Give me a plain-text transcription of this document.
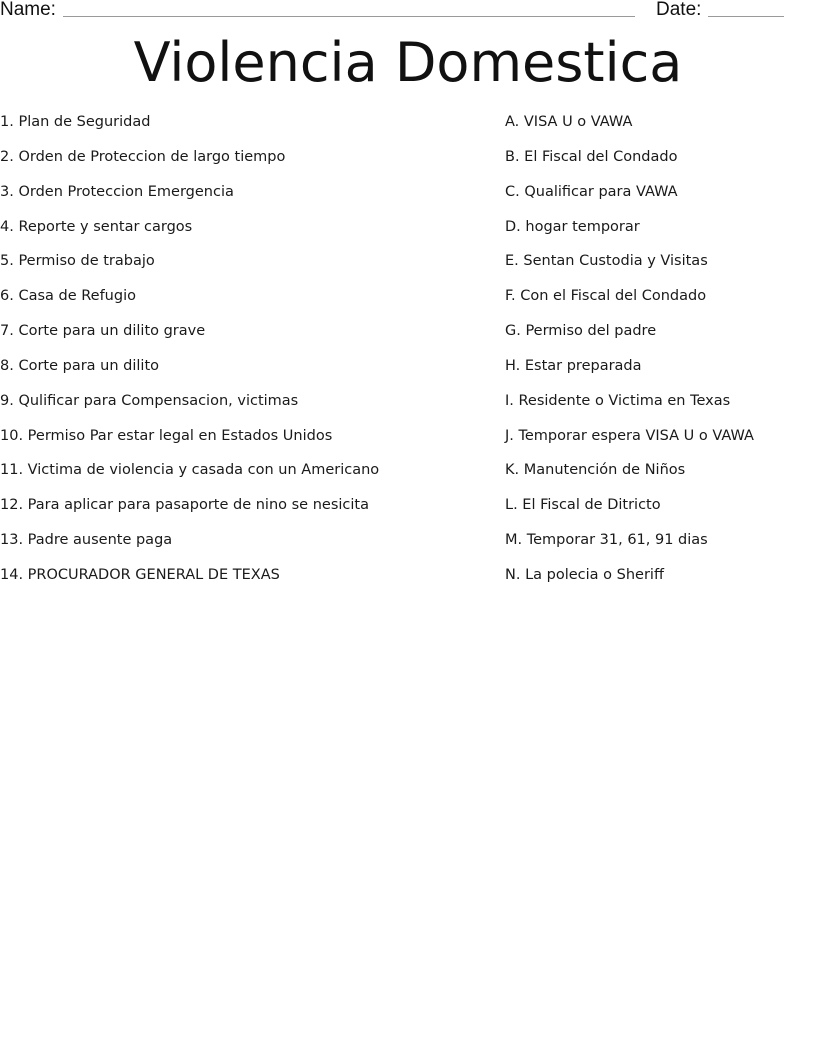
Name:	Date:
Violencia Domestica
1. Plan de Seguridad
2. Orden de Proteccion de largo tiempo
3. Orden Proteccion Emergencia
4. Reporte y sentar cargos
5. Permiso de trabajo
6. Casa de Refugio
7. Corte para un dilito grave
8. Corte para un dilito
9. Qulificar para Compensacion, victimas
10. Permiso Par estar legal en Estados Unidos
11. Victima de violencia y casada con un Americano
12. Para aplicar para pasaporte de nino se nesicita
13. Padre ausente paga
14. PROCURADOR GENERAL DE TEXAS
A. VISA U o VAWA
B. El Fiscal del Condado
C. Qualificar para VAWA
D. hogar temporar
E. Sentan Custodia y Visitas
F. Con el Fiscal del Condado
G. Permiso del padre
H. Estar preparada
I. Residente o Victima en Texas
J. Temporar espera VISA U o VAWA
K. Manutención de Niños
L. El Fiscal de Ditricto
M. Temporar 31, 61, 91 dias
N. La polecia o Sheriff
